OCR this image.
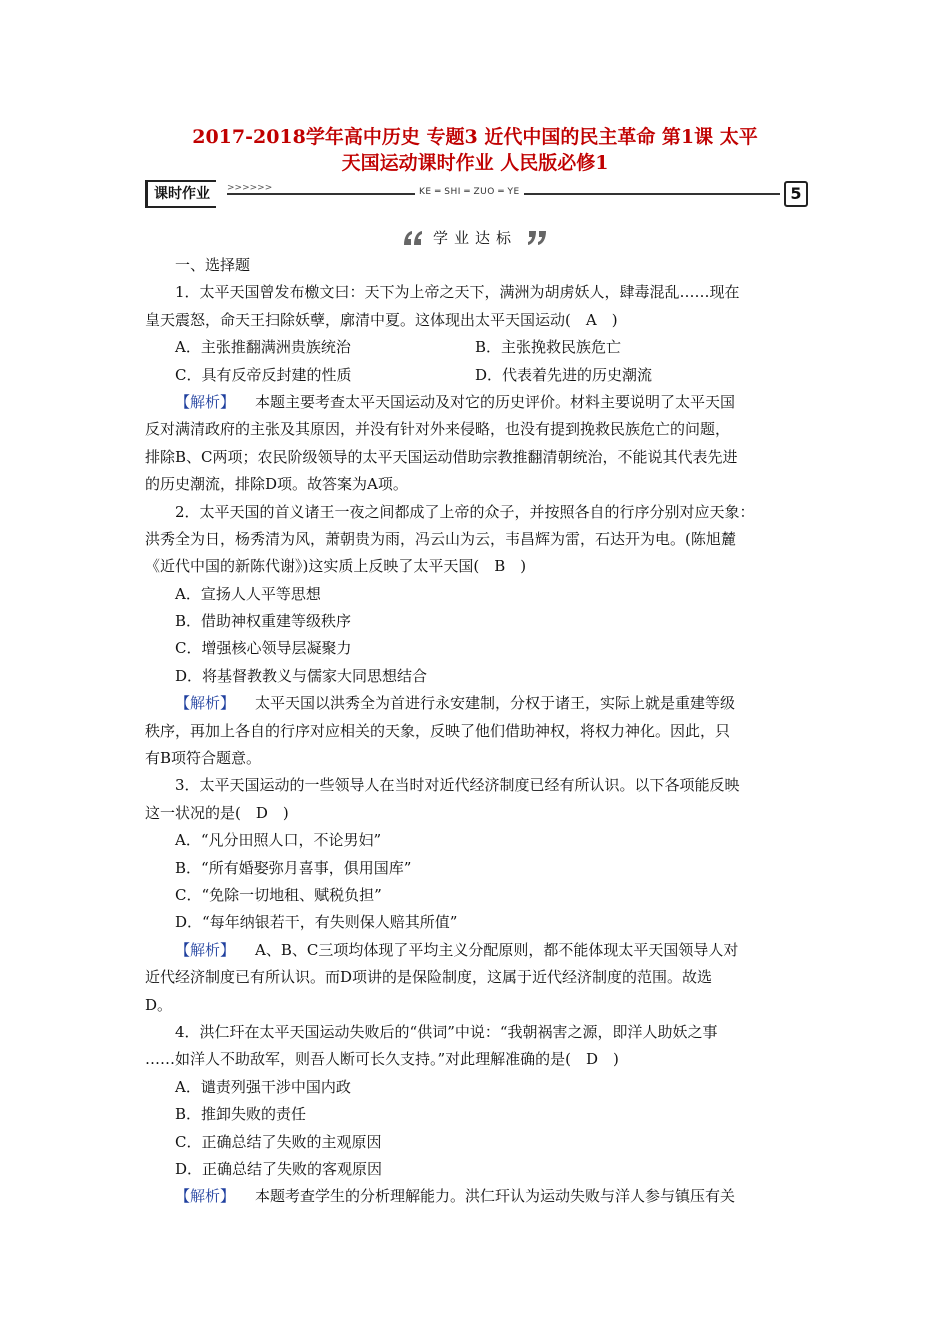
2017-2018学年高中历史 专题3 近代中国的民主革命 第1课 太平
天国运动课时作业 人民版必修1
>>>>>>
课时作业	KE ═ SHI ═ ZUO ═ YE	5
学业达标
一、选择题
1．太平天国曾发布檄文曰：天下为上帝之天下，满洲为胡虏妖人，肆毒混乱……现在
皇天震怒，命天王扫除妖孽，廓清中夏。这体现出太平天国运动(　A　)
A．主张推翻满洲贵族统治	B．主张挽救民族危亡
C．具有反帝反封建的性质	D．代表着先进的历史潮流
【解析】 本题主要考查太平天国运动及对它的历史评价。材料主要说明了太平天国
反对满清政府的主张及其原因，并没有针对外来侵略，也没有提到挽救民族危亡的问题，
排除B、C两项；农民阶级领导的太平天国运动借助宗教推翻清朝统治，不能说其代表先进
的历史潮流，排除D项。故答案为A项。
2．太平天国的首义诸王一夜之间都成了上帝的众子，并按照各自的行序分别对应天象：
洪秀全为日，杨秀清为风，萧朝贵为雨，冯云山为云，韦昌辉为雷，石达开为电。(陈旭麓
《近代中国的新陈代谢》)这实质上反映了太平天国(　B　)
A．宣扬人人平等思想
B．借助神权重建等级秩序
C．增强核心领导层凝聚力
D．将基督教教义与儒家大同思想结合
【解析】 太平天国以洪秀全为首进行永安建制，分权于诸王，实际上就是重建等级
秩序，再加上各自的行序对应相关的天象，反映了他们借助神权，将权力神化。因此，只
有B项符合题意。
3．太平天国运动的一些领导人在当时对近代经济制度已经有所认识。以下各项能反映
这一状况的是(　D　)
A．“凡分田照人口，不论男妇”
B．“所有婚娶弥月喜事，俱用国库”
C．“免除一切地租、赋税负担”
D．“每年纳银若干，有失则保人赔其所值”
【解析】 A、B、C三项均体现了平均主义分配原则，都不能体现太平天国领导人对
近代经济制度已有所认识。而D项讲的是保险制度，这属于近代经济制度的范围。故选
D。
4．洪仁玕在太平天国运动失败后的“供词”中说：“我朝祸害之源，即洋人助妖之事
……如洋人不助敌军，则吾人断可长久支持。”对此理解准确的是(　D　)
A．谴责列强干涉中国内政
B．推卸失败的责任
C．正确总结了失败的主观原因
D．正确总结了失败的客观原因
【解析】 本题考查学生的分析理解能力。洪仁玕认为运动失败与洋人参与镇压有关
